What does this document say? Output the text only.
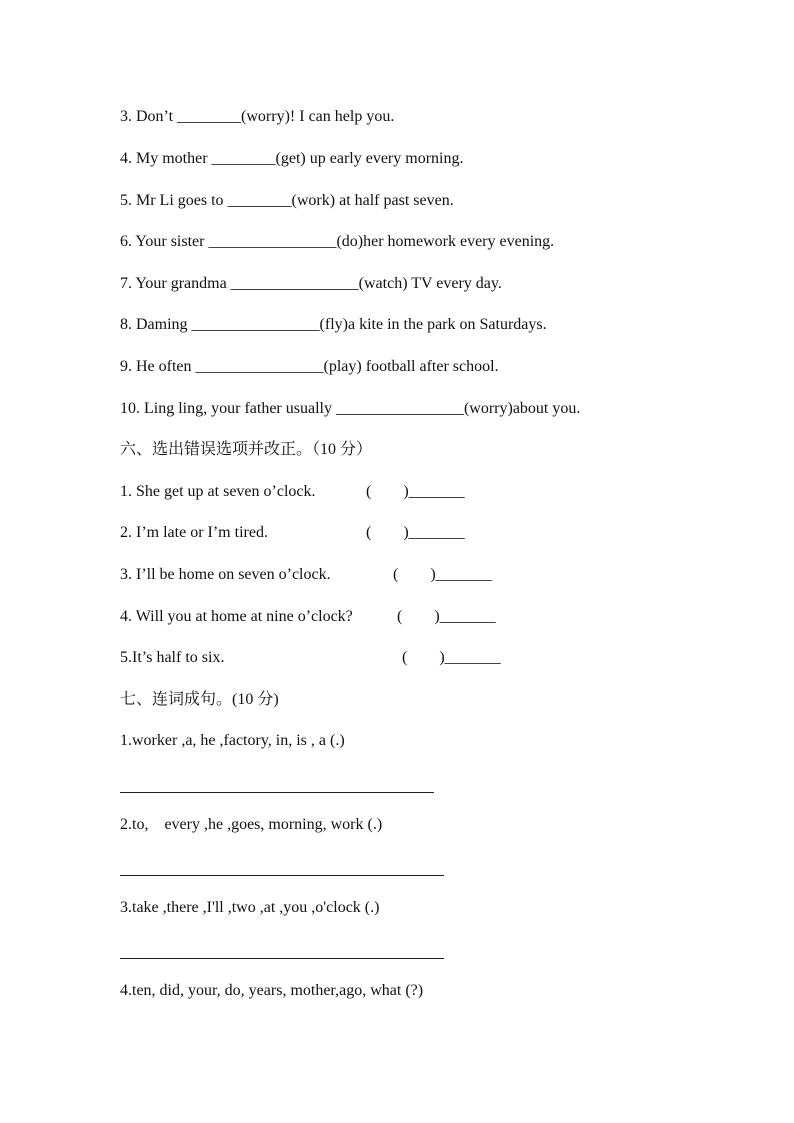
3. Don’t ________(worry)! I can help you.
4. My mother ________(get) up early every morning.
5. Mr Li goes to ________(work) at half past seven.
6. Your sister ________________(do)her homework every evening.
7. Your grandma ________________(watch) TV every day.
8. Daming ________________(fly)a kite in the park on Saturdays.
9. He often ________________(play) football after school.
10. Ling ling, your father usually ________________(worry)about you.
六、选出错误选项并改正。（10 分）
1. She get up at seven o’clock.	(        )_______
2. I’m late or I’m tired.	(        )_______
3. I’ll be home on seven o’clock.	(        )_______
4. Will you at home at nine o’clock?	(        )_______
5.It’s half to six.	(        )_______
七、连词成句。(10 分)
1.worker ,a, he ,factory, in, is , a (.)
2.to,    every ,he ,goes, morning, work (.)
3.take ,there ,I'll ,two ,at ,you ,o'clock (.)
4.ten, did, your, do, years, mother,ago, what (?)
